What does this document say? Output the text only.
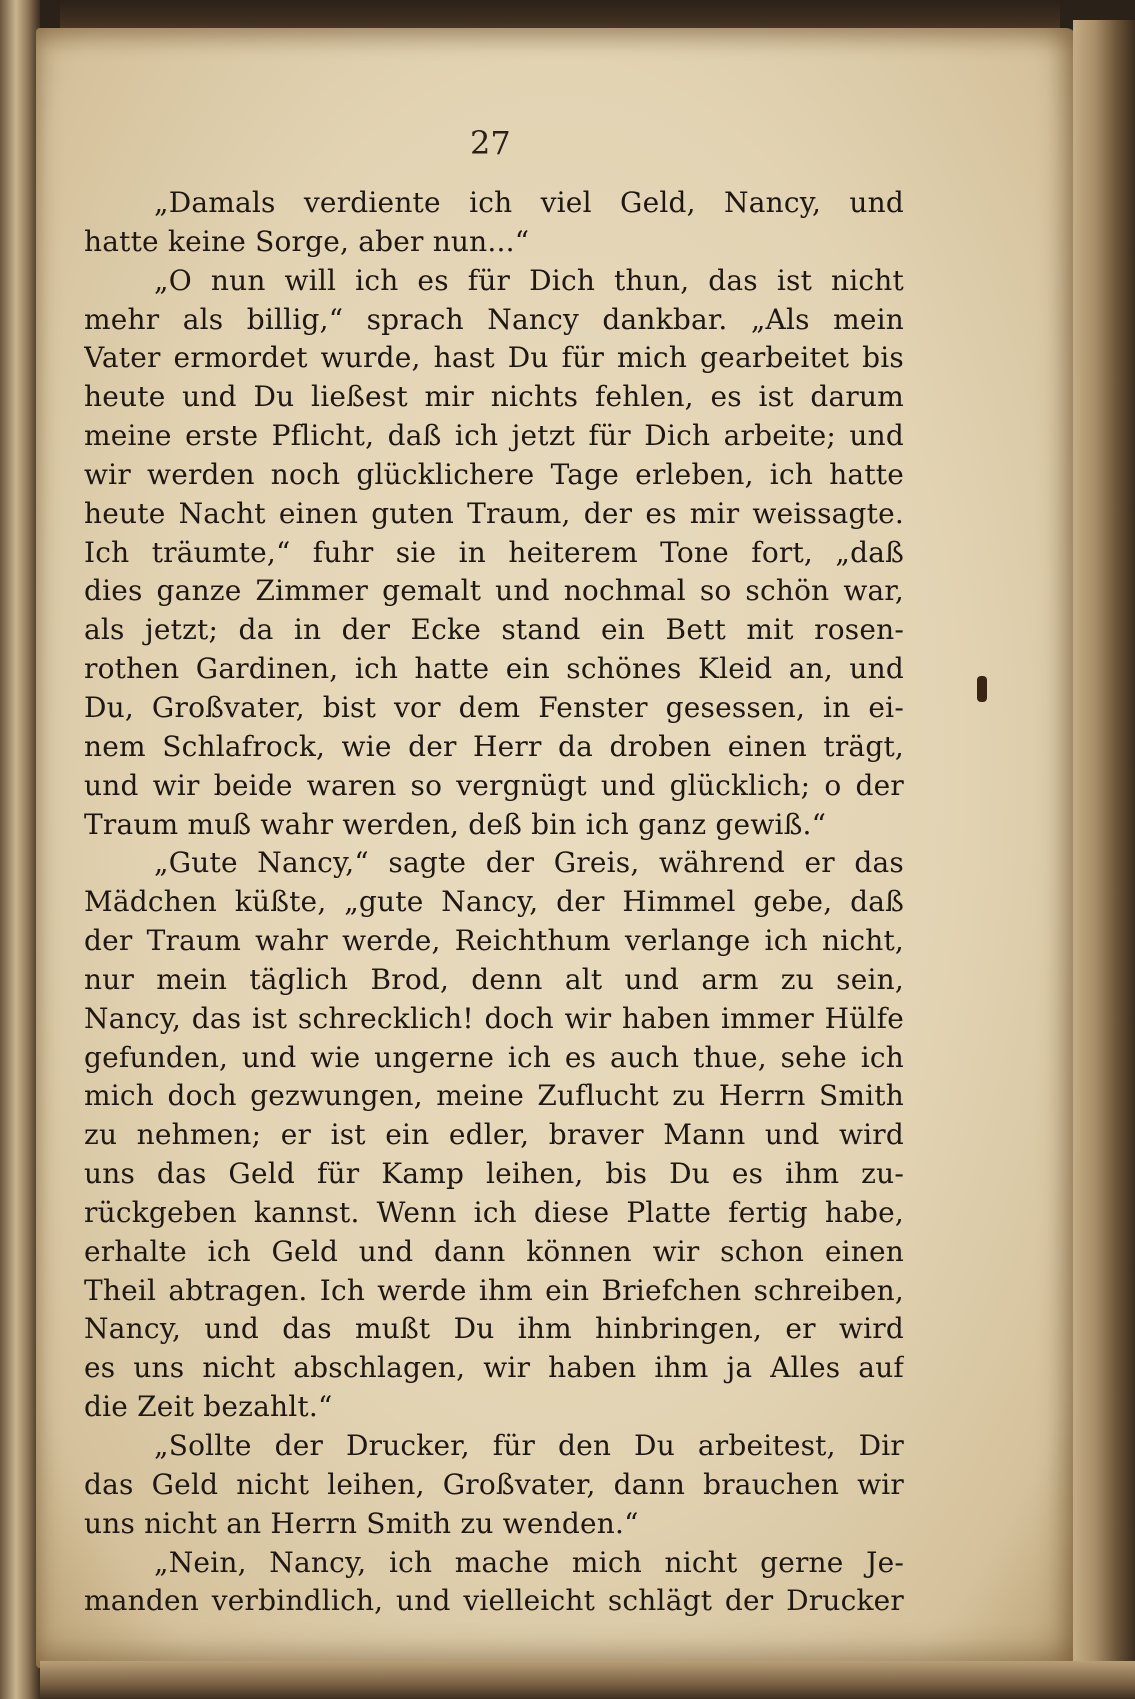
27
„Damals verdiente ich viel Geld, Nancy, und
hatte keine Sorge, aber nun...“
„O nun will ich es für Dich thun, das ist nicht
mehr als billig,“ sprach Nancy dankbar. „Als mein
Vater ermordet wurde, hast Du für mich gearbeitet bis
heute und Du ließest mir nichts fehlen, es ist darum
meine erste Pflicht, daß ich jetzt für Dich arbeite; und
wir werden noch glücklichere Tage erleben, ich hatte
heute Nacht einen guten Traum, der es mir weissagte.
Ich träumte,“ fuhr sie in heiterem Tone fort, „daß
dies ganze Zimmer gemalt und nochmal so schön war,
als jetzt; da in der Ecke stand ein Bett mit rosen-
rothen Gardinen, ich hatte ein schönes Kleid an, und
Du, Großvater, bist vor dem Fenster gesessen, in ei-
nem Schlafrock, wie der Herr da droben einen trägt,
und wir beide waren so vergnügt und glücklich; o der
Traum muß wahr werden, deß bin ich ganz gewiß.“
„Gute Nancy,“ sagte der Greis, während er das
Mädchen küßte, „gute Nancy, der Himmel gebe, daß
der Traum wahr werde, Reichthum verlange ich nicht,
nur mein täglich Brod, denn alt und arm zu sein,
Nancy, das ist schrecklich! doch wir haben immer Hülfe
gefunden, und wie ungerne ich es auch thue, sehe ich
mich doch gezwungen, meine Zuflucht zu Herrn Smith
zu nehmen; er ist ein edler, braver Mann und wird
uns das Geld für Kamp leihen, bis Du es ihm zu-
rückgeben kannst. Wenn ich diese Platte fertig habe,
erhalte ich Geld und dann können wir schon einen
Theil abtragen. Ich werde ihm ein Briefchen schreiben,
Nancy, und das mußt Du ihm hinbringen, er wird
es uns nicht abschlagen, wir haben ihm ja Alles auf
die Zeit bezahlt.“
„Sollte der Drucker, für den Du arbeitest, Dir
das Geld nicht leihen, Großvater, dann brauchen wir
uns nicht an Herrn Smith zu wenden.“
„Nein, Nancy, ich mache mich nicht gerne Je-
manden verbindlich, und vielleicht schlägt der Drucker
